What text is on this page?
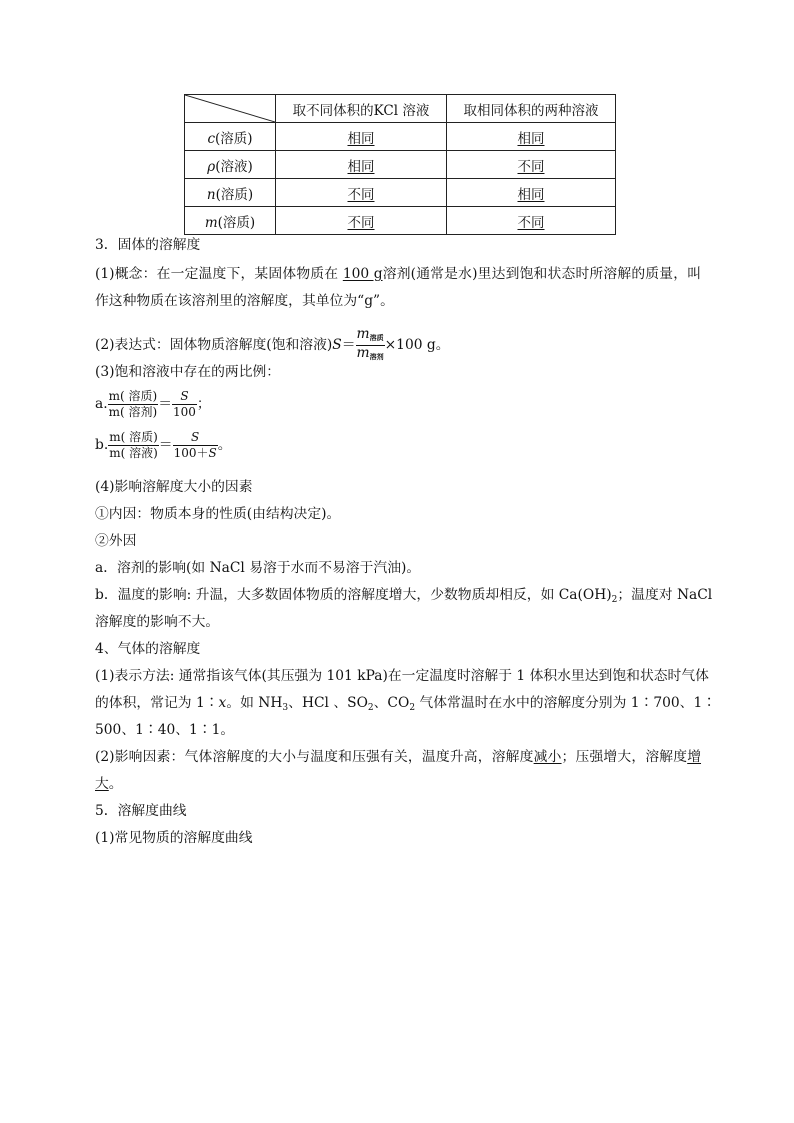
	取不同体积的KCl 溶液	取相同体积的两种溶液
c(溶质)	相同	相同
ρ(溶液)	相同	不同
n(溶质)	不同	相同
m(溶质)	不同	不同
3．固体的溶解度
(1)概念：在一定温度下，某固体物质在 100 g溶剂(通常是水)里达到饱和状态时所溶解的质量，叫
作这种物质在该溶剂里的溶解度，其单位为“g”。
(2)表达式：固体物质溶解度(饱和溶液)S＝
m溶质
m溶剂
×100 g。
(3)饱和溶液中存在的两比例：
a. m( 溶质)
m( 溶剂) ＝ $\frac{S}{100}$ ；
b. m( 溶质)
m( 溶液) ＝ $\frac{S}{100+S}$ 。
(4)影响溶解度大小的因素
①内因：物质本身的性质(由结构决定)。
②外因
a．溶剂的影响(如 NaCl 易溶于水而不易溶于汽油)。
b．温度的影响: 升温，大多数固体物质的溶解度增大，少数物质却相反，如 $Ca(OH)_2$；温度对 NaCl
溶解度的影响不大。
4、气体的溶解度
(1)表示方法: 通常指该气体(其压强为 101 kPa)在一定温度时溶解于 1 体积水里达到饱和状态时气体
的体积，常记为 1∶x。如 $NH_3$、HCl 、$SO_2$、$CO_2$ 气体常温时在水中的溶解度分别为 1∶700、1∶
500、1∶40、1∶1。
(2)影响因素：气体溶解度的大小与温度和压强有关，温度升高，溶解度减小；压强增大，溶解度增
大。
5．溶解度曲线
(1)常见物质的溶解度曲线
